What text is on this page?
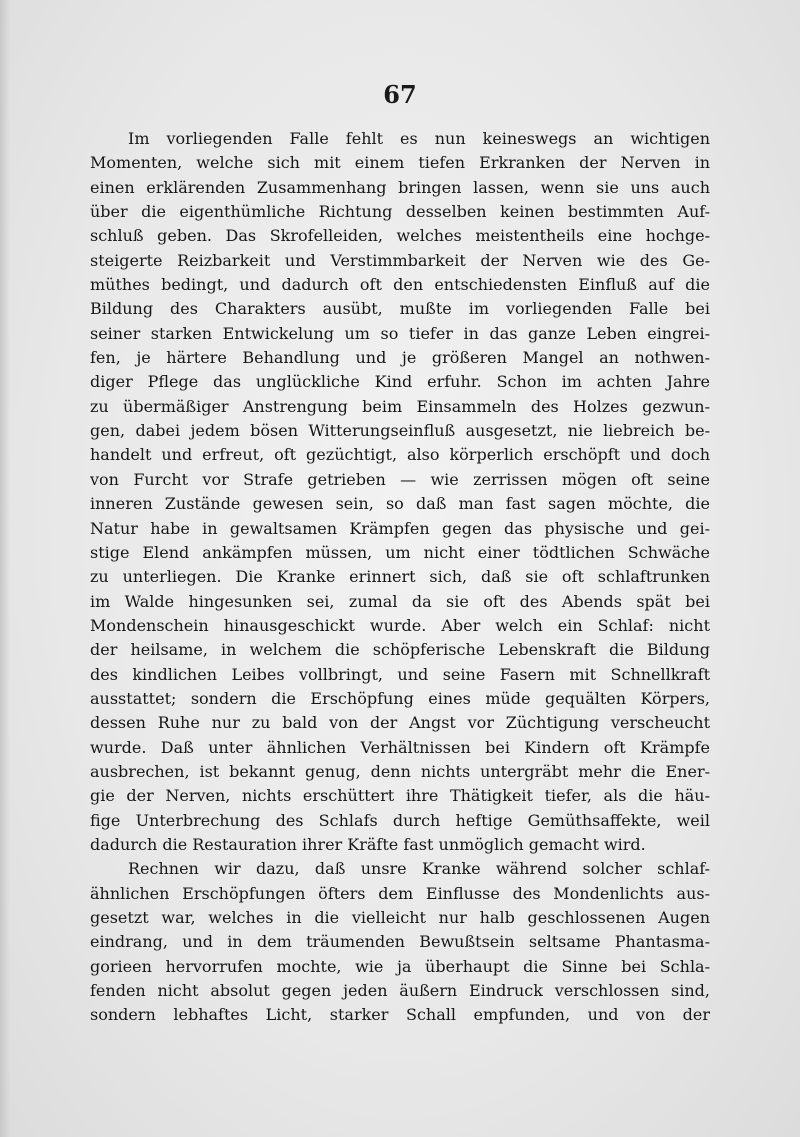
67

Im vorliegenden Falle fehlt es nun keineswegs an wichtigen
Momenten, welche sich mit einem tiefen Erkranken der Nerven in
einen erklärenden Zusammenhang bringen lassen, wenn sie uns auch
über die eigenthümliche Richtung desselben keinen bestimmten Auf-
schluß geben. Das Skrofelleiden, welches meistentheils eine hochge-
steigerte Reizbarkeit und Verstimmbarkeit der Nerven wie des Ge-
müthes bedingt, und dadurch oft den entschiedensten Einfluß auf die
Bildung des Charakters ausübt, mußte im vorliegenden Falle bei
seiner starken Entwickelung um so tiefer in das ganze Leben eingrei-
fen, je härtere Behandlung und je größeren Mangel an nothwen-
diger Pflege das unglückliche Kind erfuhr. Schon im achten Jahre
zu übermäßiger Anstrengung beim Einsammeln des Holzes gezwun-
gen, dabei jedem bösen Witterungseinfluß ausgesetzt, nie liebreich be-
handelt und erfreut, oft gezüchtigt, also körperlich erschöpft und doch
von Furcht vor Strafe getrieben — wie zerrissen mögen oft seine
inneren Zustände gewesen sein, so daß man fast sagen möchte, die
Natur habe in gewaltsamen Krämpfen gegen das physische und gei-
stige Elend ankämpfen müssen, um nicht einer tödtlichen Schwäche
zu unterliegen. Die Kranke erinnert sich, daß sie oft schlaftrunken
im Walde hingesunken sei, zumal da sie oft des Abends spät bei
Mondenschein hinausgeschickt wurde. Aber welch ein Schlaf: nicht
der heilsame, in welchem die schöpferische Lebenskraft die Bildung
des kindlichen Leibes vollbringt, und seine Fasern mit Schnellkraft
ausstattet; sondern die Erschöpfung eines müde gequälten Körpers,
dessen Ruhe nur zu bald von der Angst vor Züchtigung verscheucht
wurde. Daß unter ähnlichen Verhältnissen bei Kindern oft Krämpfe
ausbrechen, ist bekannt genug, denn nichts untergräbt mehr die Ener-
gie der Nerven, nichts erschüttert ihre Thätigkeit tiefer, als die häu-
fige Unterbrechung des Schlafs durch heftige Gemüthsaffekte, weil
dadurch die Restauration ihrer Kräfte fast unmöglich gemacht wird.
Rechnen wir dazu, daß unsre Kranke während solcher schlaf-
ähnlichen Erschöpfungen öfters dem Einflusse des Mondenlichts aus-
gesetzt war, welches in die vielleicht nur halb geschlossenen Augen
eindrang, und in dem träumenden Bewußtsein seltsame Phantasma-
gorieen hervorrufen mochte, wie ja überhaupt die Sinne bei Schla-
fenden nicht absolut gegen jeden äußern Eindruck verschlossen sind,
sondern lebhaftes Licht, starker Schall empfunden, und von der
